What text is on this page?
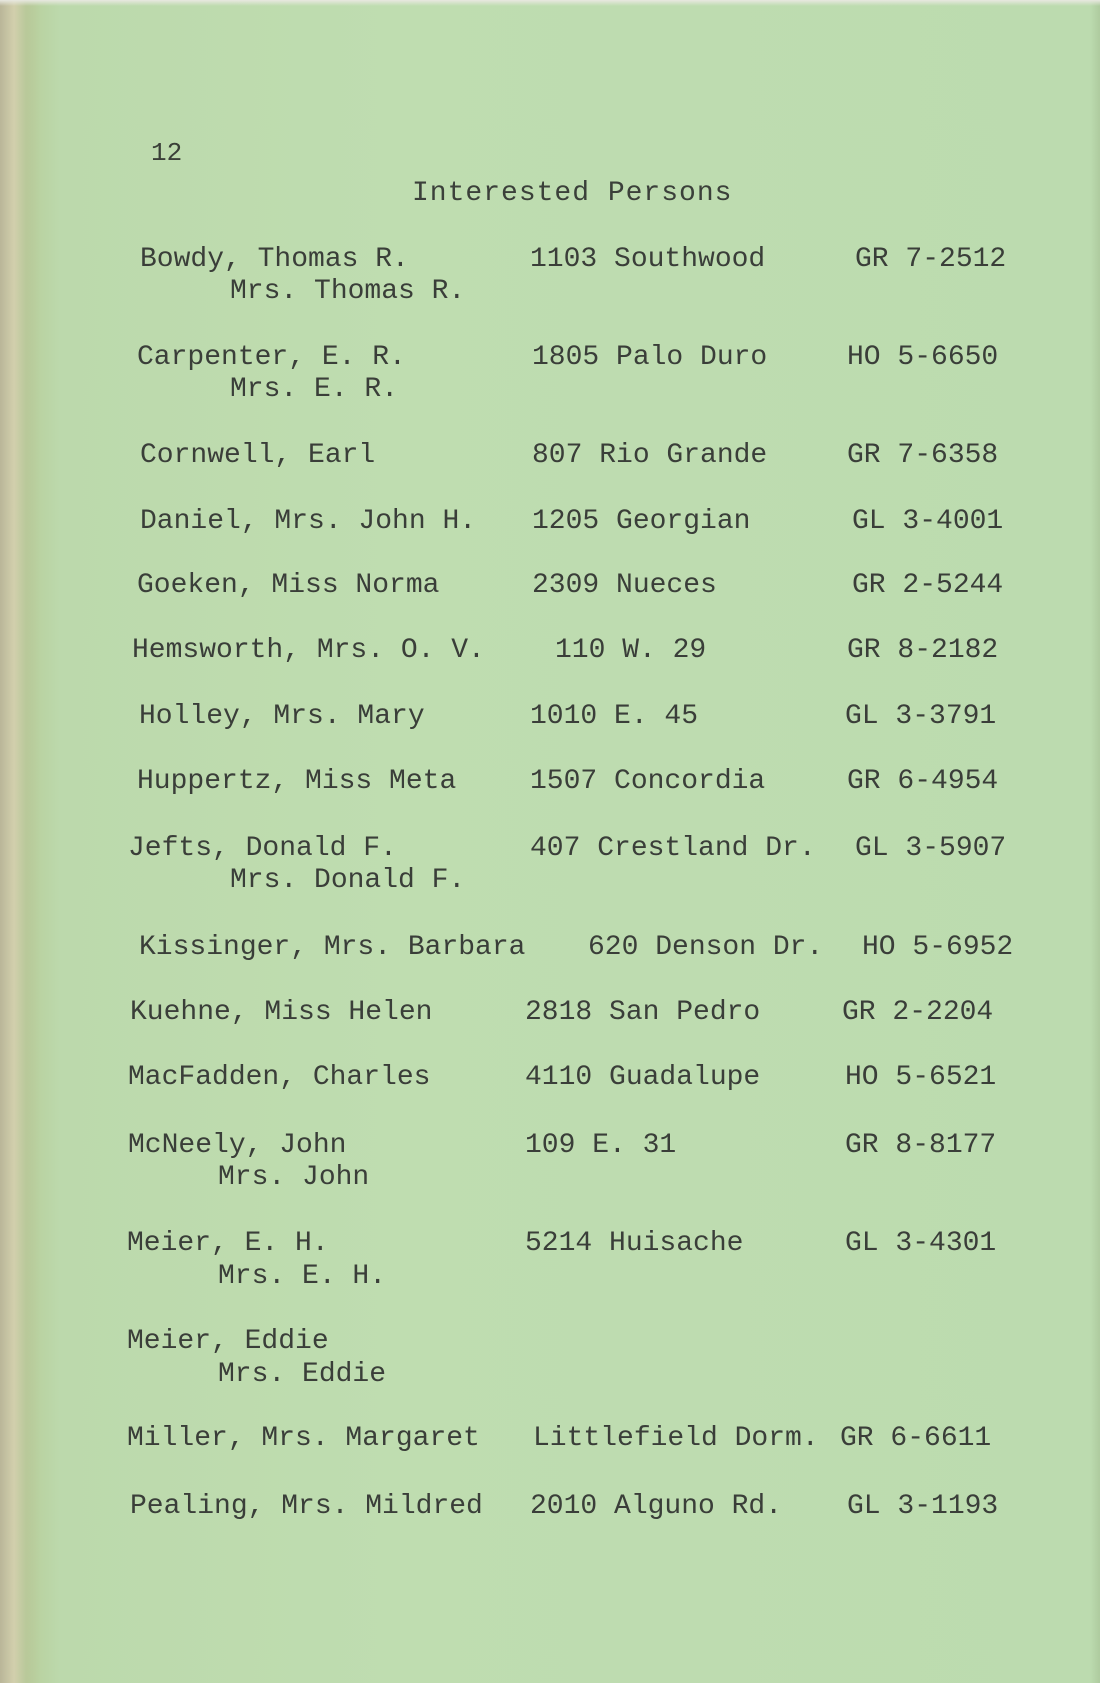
12
Interested Persons
Bowdy, Thomas R.	1103 Southwood	GR 7-2512
Mrs. Thomas R.
Carpenter, E. R.	1805 Palo Duro	HO 5-6650
Mrs. E. R.
Cornwell, Earl	807 Rio Grande	GR 7-6358
Daniel, Mrs. John H. 1205 Georgian	GL 3-4001
Goeken, Miss Norma	2309 Nueces	GR 2-5244
Hemsworth, Mrs. O. V.	110 W. 29	GR 8-2182
Holley, Mrs. Mary	1010 E. 45	GL 3-3791
Huppertz, Miss Meta	1507 Concordia	GR 6-4954
Jefts, Donald F.	407 Crestland Dr. GL 3-5907
Mrs. Donald F.
Kissinger, Mrs. Barbara 620 Denson Dr. HO 5-6952
Kuehne, Miss Helen	2818 San Pedro	GR 2-2204
MacFadden, Charles	4110 Guadalupe	HO 5-6521
McNeely, John	109 E. 31	GR 8-8177
Mrs. John
Meier, E. H.	5214 Huisache	GL 3-4301
Mrs. E. H.
Meier, Eddie
Mrs. Eddie
Miller, Mrs. Margaret Littlefield Dorm. GR 6-6611
Pealing, Mrs. Mildred 2010 Alguno Rd. GL 3-1193
